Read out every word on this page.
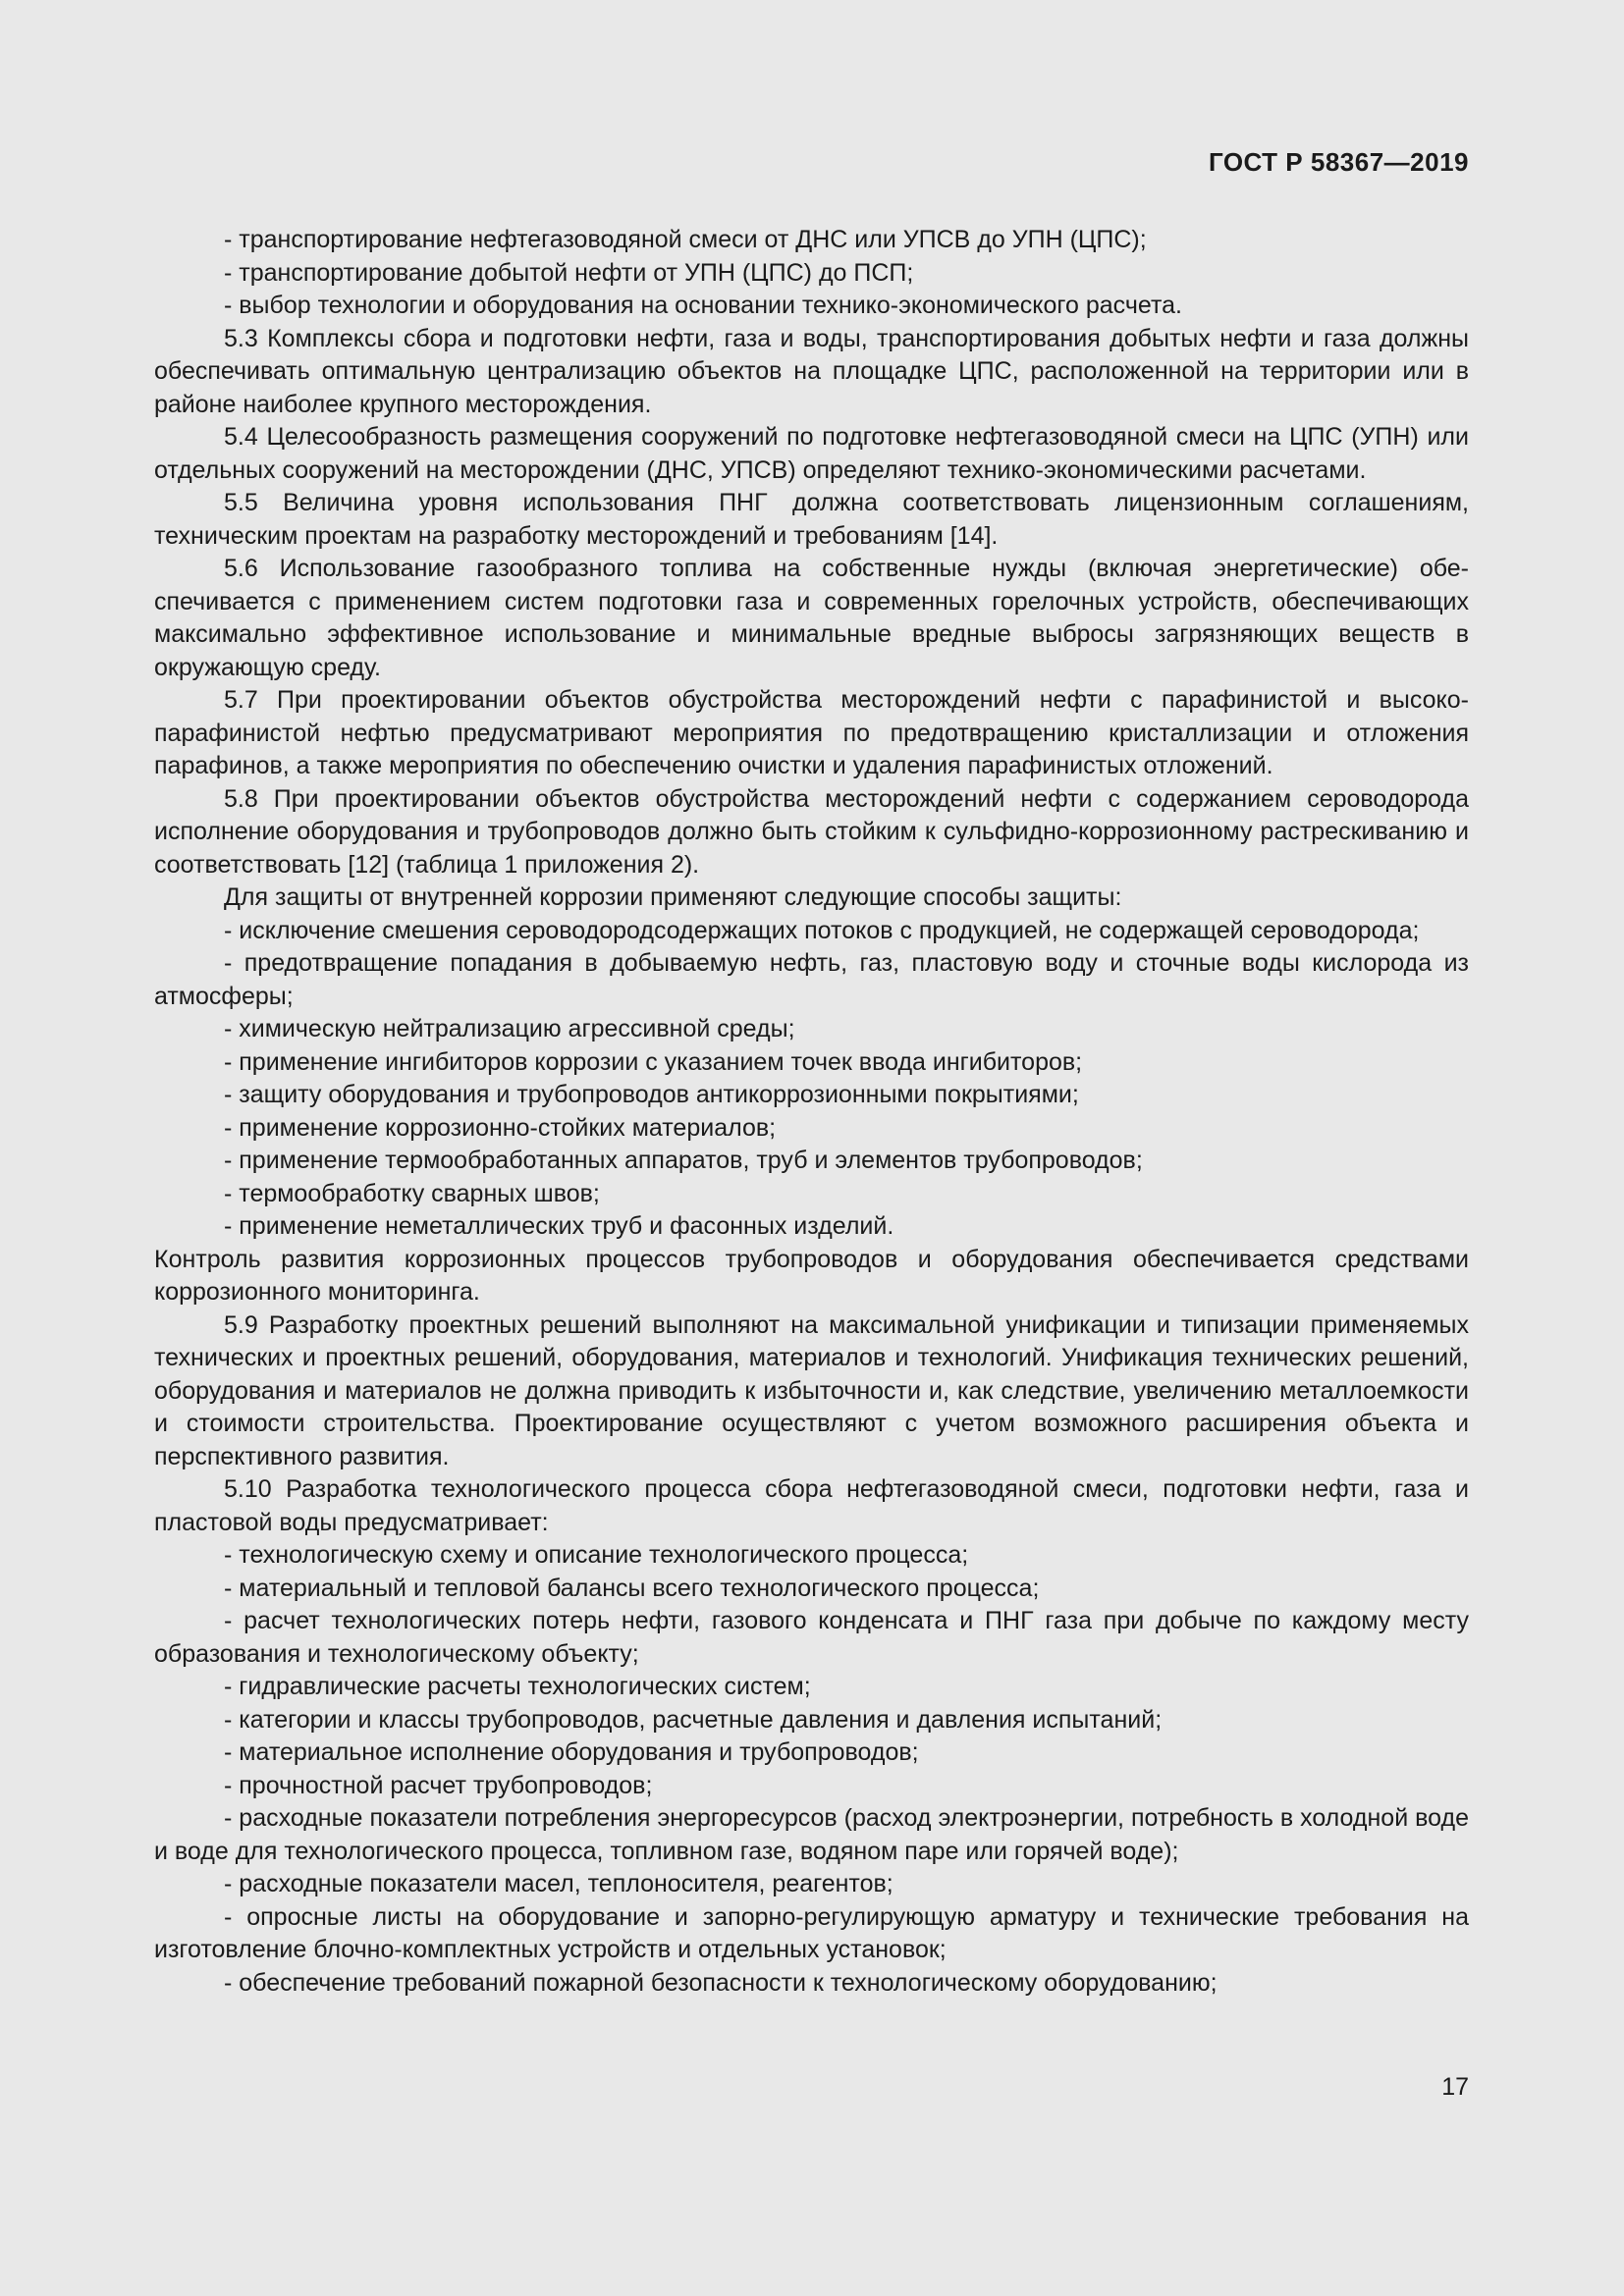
ГОСТ Р 58367—2019

- транспортирование нефтегазоводяной смеси от ДНС или УПСВ до УПН (ЦПС);

- транспортирование добытой нефти от УПН (ЦПС) до ПСП;

- выбор технологии и оборудования на основании технико-экономического расчета.

5.3 Комплексы сбора и подготовки нефти, газа и воды, транспортирования добытых нефти и газа должны обеспечивать оптимальную централизацию объектов на площадке ЦПС, расположенной на территории или в районе наиболее крупного месторождения.

5.4 Целесообразность размещения сооружений по подготовке нефтегазоводяной смеси на ЦПС (УПН) или отдельных сооружений на месторождении (ДНС, УПСВ) определяют технико-экономическими расчетами.

5.5 Величина уровня использования ПНГ должна соответствовать лицензионным соглашениям, техническим проектам на разработку месторождений и требованиям [14].

5.6 Использование газообразного топлива на собственные нужды (включая энергетические) обеспечивается с применением систем подготовки газа и современных горелочных устройств, обеспечивающих максимально эффективное использование и минимальные вредные выбросы загрязняющих веществ в окружающую среду.

5.7 При проектировании объектов обустройства месторождений нефти с парафинистой и высокопарафинистой нефтью предусматривают мероприятия по предотвращению кристаллизации и отложения парафинов, а также мероприятия по обеспечению очистки и удаления парафинистых отложений.

5.8 При проектировании объектов обустройства месторождений нефти с содержанием сероводорода исполнение оборудования и трубопроводов должно быть стойким к сульфидно-коррозионному растрескиванию и соответствовать [12] (таблица 1 приложения 2).

Для защиты от внутренней коррозии применяют следующие способы защиты:

- исключение смешения сероводородсодержащих потоков с продукцией, не содержащей сероводорода;

- предотвращение попадания в добываемую нефть, газ, пластовую воду и сточные воды кислорода из атмосферы;

- химическую нейтрализацию агрессивной среды;

- применение ингибиторов коррозии с указанием точек ввода ингибиторов;

- защиту оборудования и трубопроводов антикоррозионными покрытиями;

- применение коррозионно-стойких материалов;

- применение термообработанных аппаратов, труб и элементов трубопроводов;

- термообработку сварных швов;

- применение неметаллических труб и фасонных изделий.

Контроль развития коррозионных процессов трубопроводов и оборудования обеспечивается средствами коррозионного мониторинга.

5.9 Разработку проектных решений выполняют на максимальной унификации и типизации применяемых технических и проектных решений, оборудования, материалов и технологий. Унификация технических решений, оборудования и материалов не должна приводить к избыточности и, как следствие, увеличению металлоемкости и стоимости строительства. Проектирование осуществляют с учетом возможного расширения объекта и перспективного развития.

5.10 Разработка технологического процесса сбора нефтегазоводяной смеси, подготовки нефти, газа и пластовой воды предусматривает:

- технологическую схему и описание технологического процесса;

- материальный и тепловой балансы всего технологического процесса;

- расчет технологических потерь нефти, газового конденсата и ПНГ газа при добыче по каждому месту образования и технологическому объекту;

- гидравлические расчеты технологических систем;

- категории и классы трубопроводов, расчетные давления и давления испытаний;

- материальное исполнение оборудования и трубопроводов;

- прочностной расчет трубопроводов;

- расходные показатели потребления энергоресурсов (расход электроэнергии, потребность в холодной воде и воде для технологического процесса, топливном газе, водяном паре или горячей воде);

- расходные показатели масел, теплоносителя, реагентов;

- опросные листы на оборудование и запорно-регулирующую арматуру и технические требования на изготовление блочно-комплектных устройств и отдельных установок;

- обеспечение требований пожарной безопасности к технологическому оборудованию;

17
